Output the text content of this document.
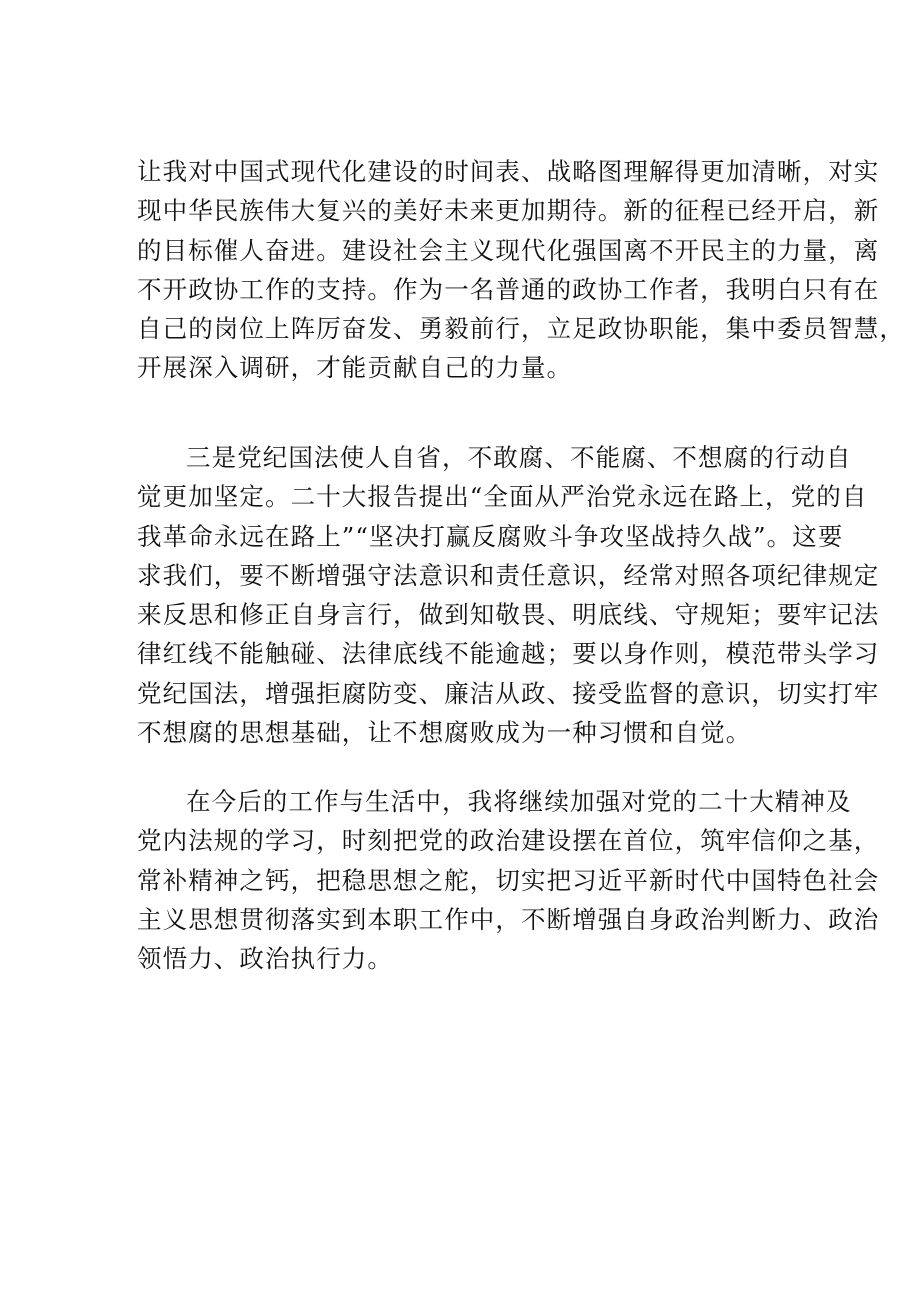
让我对中国式现代化建设的时间表、战略图理解得更加清晰，对实
现中华民族伟大复兴的美好未来更加期待。新的征程已经开启，新
的目标催人奋进。建设社会主义现代化强国离不开民主的力量，离
不开政协工作的支持。作为一名普通的政协工作者，我明白只有在
自己的岗位上阵厉奋发、勇毅前行，立足政协职能，集中委员智慧，
开展深入调研，才能贡献自己的力量。
三是党纪国法使人自省，不敢腐、不能腐、不想腐的行动自
觉更加坚定。二十大报告提出“全面从严治党永远在路上，党的自
我革命永远在路上”“坚决打赢反腐败斗争攻坚战持久战”。这要
求我们，要不断增强守法意识和责任意识，经常对照各项纪律规定
来反思和修正自身言行，做到知敬畏、明底线、守规矩；要牢记法
律红线不能触碰、法律底线不能逾越；要以身作则，模范带头学习
党纪国法，增强拒腐防变、廉洁从政、接受监督的意识，切实打牢
不想腐的思想基础，让不想腐败成为一种习惯和自觉。
在今后的工作与生活中，我将继续加强对党的二十大精神及
党内法规的学习，时刻把党的政治建设摆在首位，筑牢信仰之基，
常补精神之钙，把稳思想之舵，切实把习近平新时代中国特色社会
主义思想贯彻落实到本职工作中，不断增强自身政治判断力、政治
领悟力、政治执行力。
